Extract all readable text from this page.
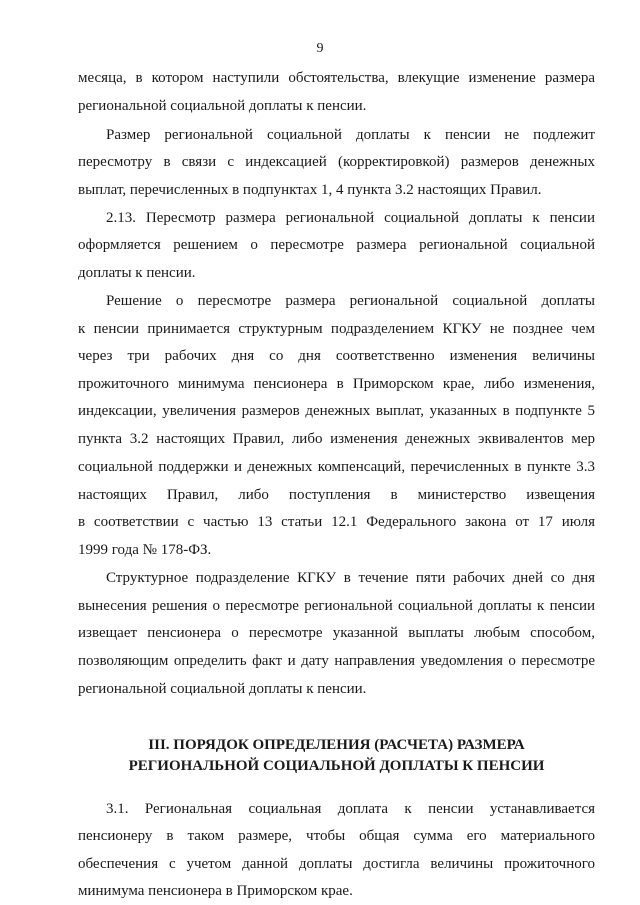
9
месяца, в котором наступили обстоятельства, влекущие изменение размера
региональной социальной доплаты к пенсии.
Размер региональной социальной доплаты к пенсии не подлежит
пересмотру в связи с индексацией (корректировкой) размеров денежных
выплат, перечисленных в подпунктах 1, 4 пункта 3.2 настоящих Правил.
2.13. Пересмотр размера региональной социальной доплаты к пенсии
оформляется решением о пересмотре размера региональной социальной
доплаты к пенсии.
Решение о пересмотре размера региональной социальной доплаты
к пенсии принимается структурным подразделением КГКУ не позднее чем
через три рабочих дня со дня соответственно изменения величины
прожиточного минимума пенсионера в Приморском крае, либо изменения,
индексации, увеличения размеров денежных выплат, указанных в подпункте 5
пункта 3.2 настоящих Правил, либо изменения денежных эквивалентов мер
социальной поддержки и денежных компенсаций, перечисленных в пункте 3.3
настоящих Правил, либо поступления в министерство извещения
в соответствии с частью 13 статьи 12.1 Федерального закона от 17 июля
1999 года № 178-ФЗ.
Структурное подразделение КГКУ в течение пяти рабочих дней со дня
вынесения решения о пересмотре региональной социальной доплаты к пенсии
извещает пенсионера о пересмотре указанной выплаты любым способом,
позволяющим определить факт и дату направления уведомления о пересмотре
региональной социальной доплаты к пенсии.
III. ПОРЯДОК ОПРЕДЕЛЕНИЯ (РАСЧЕТА) РАЗМЕРА
РЕГИОНАЛЬНОЙ СОЦИАЛЬНОЙ ДОПЛАТЫ К ПЕНСИИ
3.1. Региональная социальная доплата к пенсии устанавливается
пенсионеру в таком размере, чтобы общая сумма его материального
обеспечения с учетом данной доплаты достигла величины прожиточного
минимума пенсионера в Приморском крае.
